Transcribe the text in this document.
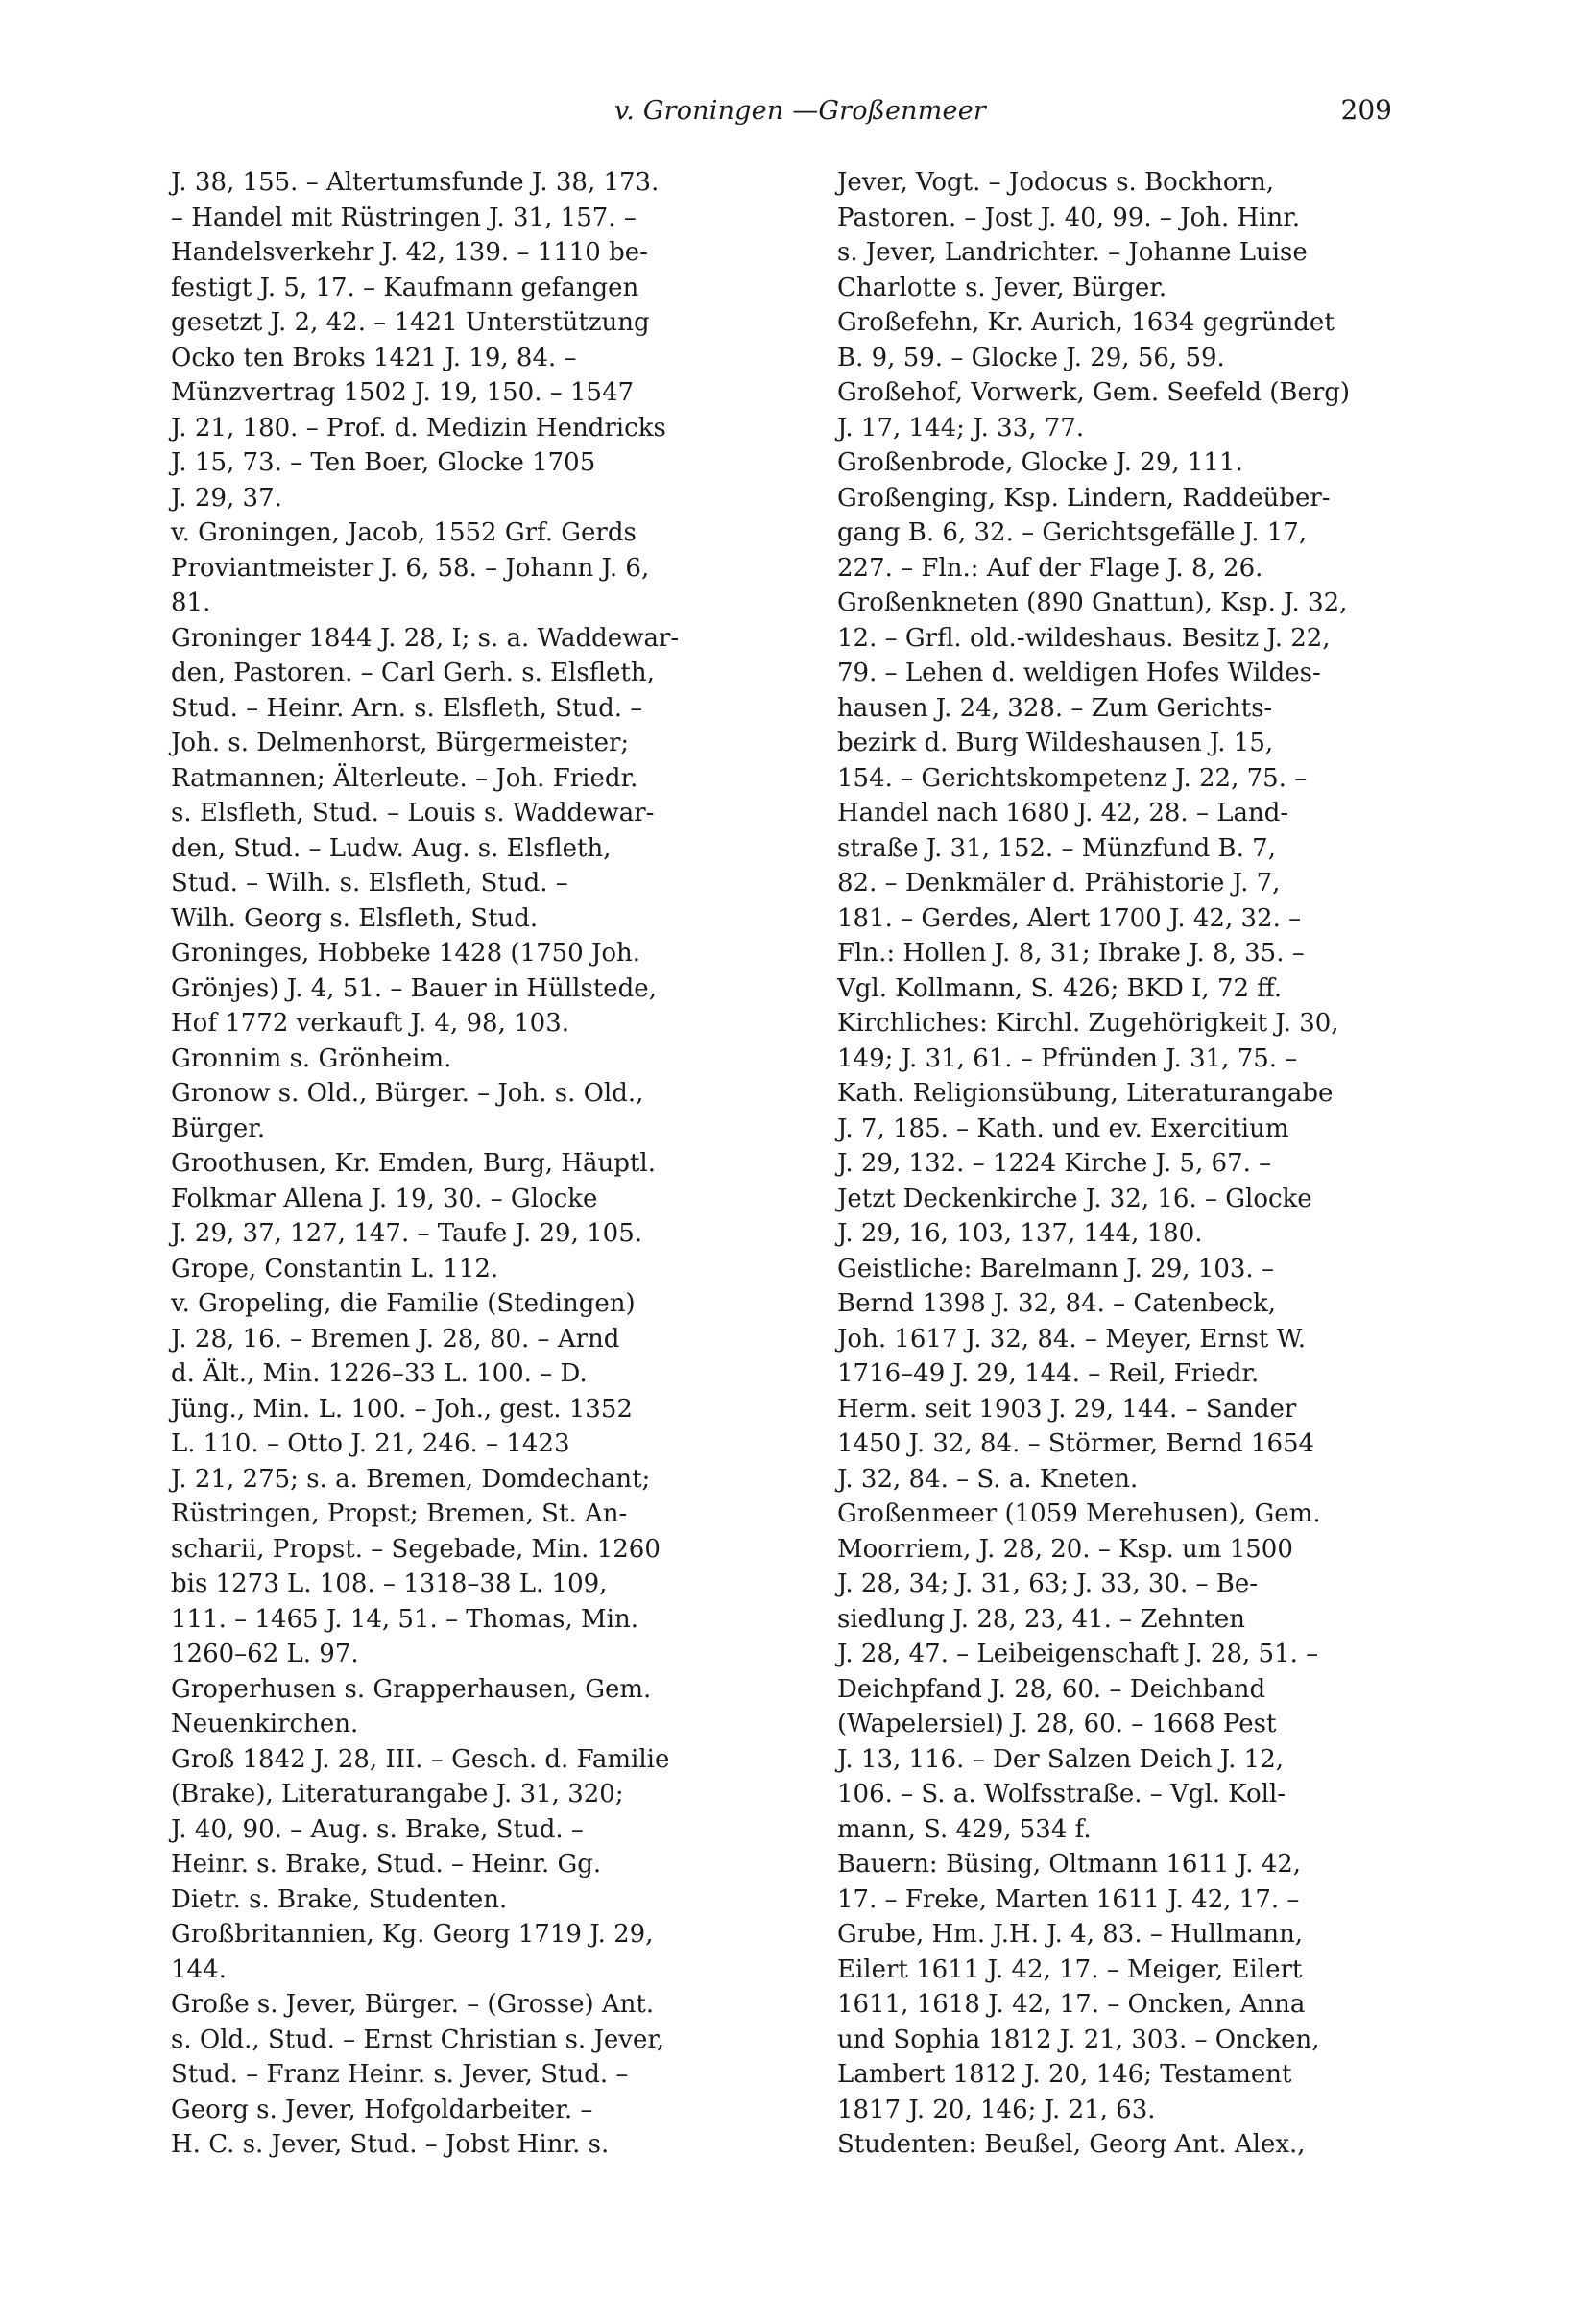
v. Groningen —Großenmeer	209
J. 38, 155. – Altertumsfunde J. 38, 173.
– Handel mit Rüstringen J. 31, 157. –
Handelsverkehr J. 42, 139. – 1110 be-
festigt J. 5, 17. – Kaufmann gefangen
gesetzt J. 2, 42. – 1421 Unterstützung
Ocko ten Broks 1421 J. 19, 84. –
Münzvertrag 1502 J. 19, 150. – 1547
J. 21, 180. – Prof. d. Medizin Hendricks
J. 15, 73. – Ten Boer, Glocke 1705
J. 29, 37.
v. Groningen, Jacob, 1552 Grf. Gerds
Proviantmeister J. 6, 58. – Johann J. 6,
81.
Groninger 1844 J. 28, I; s. a. Waddewar-
den, Pastoren. – Carl Gerh. s. Elsfleth,
Stud. – Heinr. Arn. s. Elsfleth, Stud. –
Joh. s. Delmenhorst, Bürgermeister;
Ratmannen; Älterleute. – Joh. Friedr.
s. Elsfleth, Stud. – Louis s. Waddewar-
den, Stud. – Ludw. Aug. s. Elsfleth,
Stud. – Wilh. s. Elsfleth, Stud. –
Wilh. Georg s. Elsfleth, Stud.
Groninges, Hobbeke 1428 (1750 Joh.
Grönjes) J. 4, 51. – Bauer in Hüllstede,
Hof 1772 verkauft J. 4, 98, 103.
Gronnim s. Grönheim.
Gronow s. Old., Bürger. – Joh. s. Old.,
Bürger.
Groothusen, Kr. Emden, Burg, Häuptl.
Folkmar Allena J. 19, 30. – Glocke
J. 29, 37, 127, 147. – Taufe J. 29, 105.
Grope, Constantin L. 112.
v. Gropeling, die Familie (Stedingen)
J. 28, 16. – Bremen J. 28, 80. – Arnd
d. Ält., Min. 1226–33 L. 100. – D.
Jüng., Min. L. 100. – Joh., gest. 1352
L. 110. – Otto J. 21, 246. – 1423
J. 21, 275; s. a. Bremen, Domdechant;
Rüstringen, Propst; Bremen, St. An-
scharii, Propst. – Segebade, Min. 1260
bis 1273 L. 108. – 1318–38 L. 109,
111. – 1465 J. 14, 51. – Thomas, Min.
1260–62 L. 97.
Groperhusen s. Grapperhausen, Gem.
Neuenkirchen.
Groß 1842 J. 28, III. – Gesch. d. Familie
(Brake), Literaturangabe J. 31, 320;
J. 40, 90. – Aug. s. Brake, Stud. –
Heinr. s. Brake, Stud. – Heinr. Gg.
Dietr. s. Brake, Studenten.
Großbritannien, Kg. Georg 1719 J. 29,
144.
Große s. Jever, Bürger. – (Grosse) Ant.
s. Old., Stud. – Ernst Christian s. Jever,
Stud. – Franz Heinr. s. Jever, Stud. –
Georg s. Jever, Hofgoldarbeiter. –
H. C. s. Jever, Stud. – Jobst Hinr. s.
Jever, Vogt. – Jodocus s. Bockhorn,
Pastoren. – Jost J. 40, 99. – Joh. Hinr.
s. Jever, Landrichter. – Johanne Luise
Charlotte s. Jever, Bürger.
Großefehn, Kr. Aurich, 1634 gegründet
B. 9, 59. – Glocke J. 29, 56, 59.
Großehof, Vorwerk, Gem. Seefeld (Berg)
J. 17, 144; J. 33, 77.
Großenbrode, Glocke J. 29, 111.
Großenging, Ksp. Lindern, Raddeüber-
gang B. 6, 32. – Gerichtsgefälle J. 17,
227. – Fln.: Auf der Flage J. 8, 26.
Großenkneten (890 Gnattun), Ksp. J. 32,
12. – Grfl. old.-wildeshaus. Besitz J. 22,
79. – Lehen d. weldigen Hofes Wildes-
hausen J. 24, 328. – Zum Gerichts-
bezirk d. Burg Wildeshausen J. 15,
154. – Gerichtskompetenz J. 22, 75. –
Handel nach 1680 J. 42, 28. – Land-
straße J. 31, 152. – Münzfund B. 7,
82. – Denkmäler d. Prähistorie J. 7,
181. – Gerdes, Alert 1700 J. 42, 32. –
Fln.: Hollen J. 8, 31; Ibrake J. 8, 35. –
Vgl. Kollmann, S. 426; BKD I, 72 ff.
Kirchliches: Kirchl. Zugehörigkeit J. 30,
149; J. 31, 61. – Pfründen J. 31, 75. –
Kath. Religionsübung, Literaturangabe
J. 7, 185. – Kath. und ev. Exercitium
J. 29, 132. – 1224 Kirche J. 5, 67. –
Jetzt Deckenkirche J. 32, 16. – Glocke
J. 29, 16, 103, 137, 144, 180.
Geistliche: Barelmann J. 29, 103. –
Bernd 1398 J. 32, 84. – Catenbeck,
Joh. 1617 J. 32, 84. – Meyer, Ernst W.
1716–49 J. 29, 144. – Reil, Friedr.
Herm. seit 1903 J. 29, 144. – Sander
1450 J. 32, 84. – Störmer, Bernd 1654
J. 32, 84. – S. a. Kneten.
Großenmeer (1059 Merehusen), Gem.
Moorriem, J. 28, 20. – Ksp. um 1500
J. 28, 34; J. 31, 63; J. 33, 30. – Be-
siedlung J. 28, 23, 41. – Zehnten
J. 28, 47. – Leibeigenschaft J. 28, 51. –
Deichpfand J. 28, 60. – Deichband
(Wapelersiel) J. 28, 60. – 1668 Pest
J. 13, 116. – Der Salzen Deich J. 12,
106. – S. a. Wolfsstraße. – Vgl. Koll-
mann, S. 429, 534 f.
Bauern: Büsing, Oltmann 1611 J. 42,
17. – Freke, Marten 1611 J. 42, 17. –
Grube, Hm. J.H. J. 4, 83. – Hullmann,
Eilert 1611 J. 42, 17. – Meiger, Eilert
1611, 1618 J. 42, 17. – Oncken, Anna
und Sophia 1812 J. 21, 303. – Oncken,
Lambert 1812 J. 20, 146; Testament
1817 J. 20, 146; J. 21, 63.
Studenten: Beußel, Georg Ant. Alex.,
